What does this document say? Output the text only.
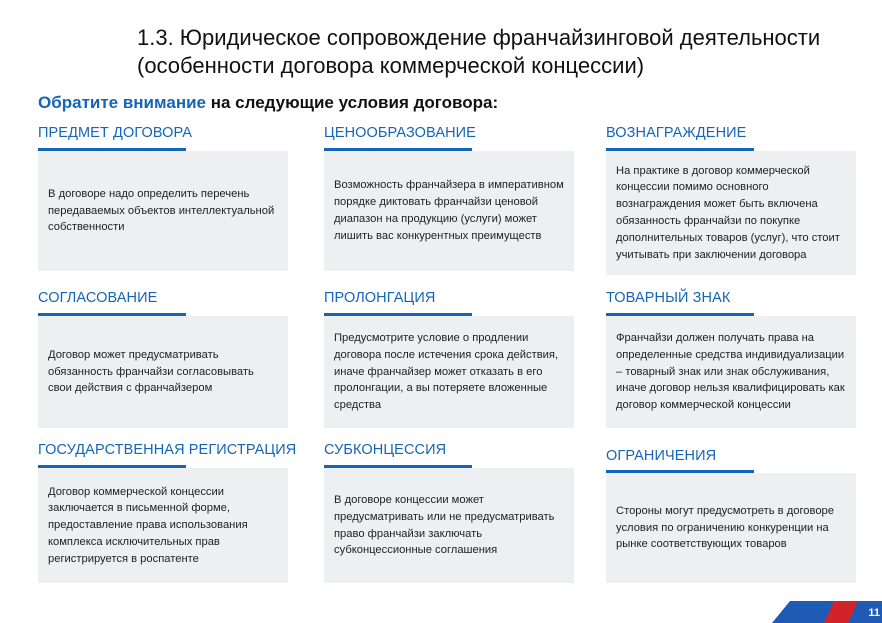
1.3. Юридическое сопровождение франчайзинговой деятельности (особенности договора коммерческой концессии)
Обратите внимание на следующие условия договора:
ПРЕДМЕТ ДОГОВОРА
В договоре надо определить перечень передаваемых объектов интеллектуальной собственности
ЦЕНООБРАЗОВАНИЕ
Возможность франчайзера в императивном порядке диктовать франчайзи ценовой диапазон на продукцию (услуги) может лишить вас конкурентных преимуществ
ВОЗНАГРАЖДЕНИЕ
На практике в договор коммерческой концессии помимо основного вознаграждения может быть включена обязанность франчайзи по покупке дополнительных товаров (услуг), что стоит учитывать при заключении договора
СОГЛАСОВАНИЕ
Договор может предусматривать обязанность франчайзи согласовывать свои действия с франчайзером
ПРОЛОНГАЦИЯ
Предусмотрите условие о продлении договора после истечения срока действия, иначе франчайзер может отказать в его пролонгации, а вы потеряете вложенные средства
ТОВАРНЫЙ ЗНАК
Франчайзи должен получать права на определенные средства индивидуализации – товарный знак или знак обслуживания, иначе договор нельзя квалифицировать как договор коммерческой концессии
ГОСУДАРСТВЕННАЯ РЕГИСТРАЦИЯ
Договор коммерческой концессии заключается в письменной форме, предоставление права использования комплекса исключительных прав регистрируется в роспатенте
СУБКОНЦЕССИЯ
В договоре концессии может предусматривать или не предусматривать право франчайзи заключать субконцессионные соглашения
ОГРАНИЧЕНИЯ
Стороны могут предусмотреть в договоре условия по ограничению конкуренции на рынке соответствующих товаров
11
